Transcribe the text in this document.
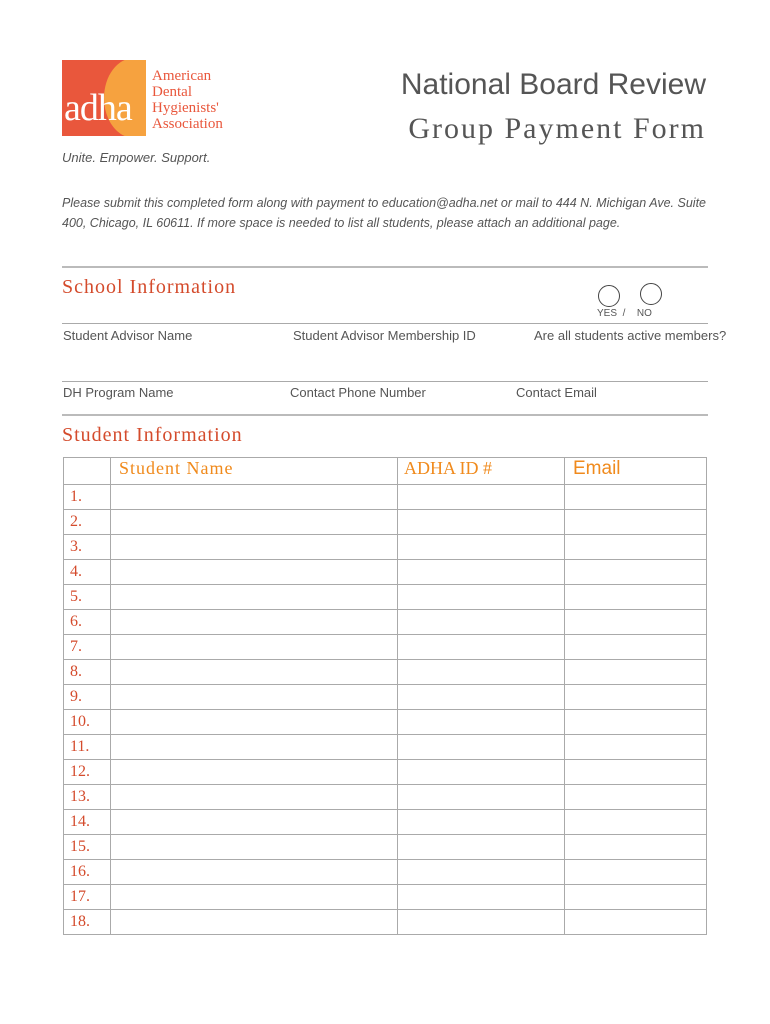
adha
American
Dental
Hygienists'
Association
Unite. Empower. Support.
National Board Review
Group Payment Form
Please submit this completed form along with payment to education@adha.net or mail to 444 N. Michigan Ave. Suite 400, Chicago, IL 60611. If more space is needed to list all students, please attach an additional page.
School Information
YES / NO
Student Advisor Name	Student Advisor Membership ID	Are all students active members?
DH Program Name	Contact Phone Number	Contact Email
Student Information
	Student Name	ADHA ID #	Email
1.			
2.			
3.			
4.			
5.			
6.			
7.			
8.			
9.			
10.			
11.			
12.			
13.			
14.			
15.			
16.			
17.			
18.			
